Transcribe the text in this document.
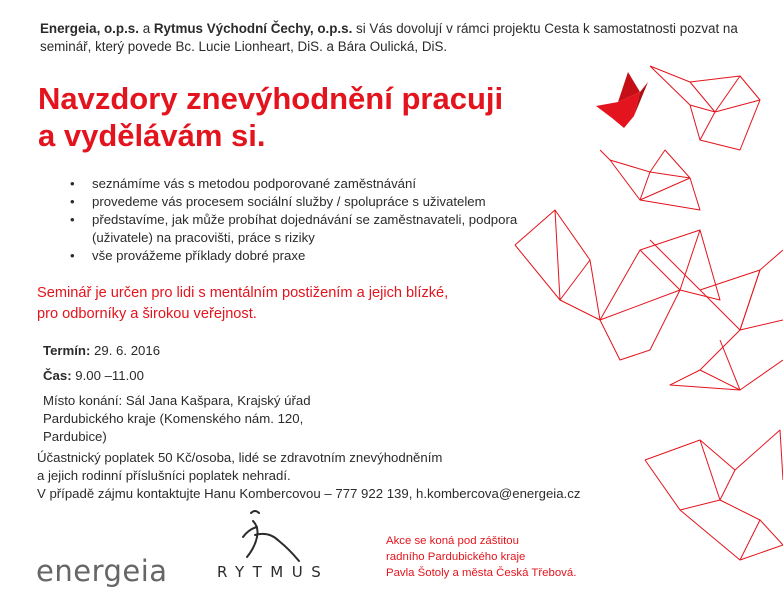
Energeia, o.p.s. a Rytmus Východní Čechy, o.p.s. si Vás dovolují v rámci projektu Cesta k samostatnosti pozvat na seminář, který povede Bc. Lucie Lionheart, DiS. a Bára Oulická, DiS.
Navzdory znevýhodnění pracuji
a vydělávám si.
• seznámíme vás s metodou podporované zaměstnávání
• provedeme vás procesem sociální služby / spolupráce s uživatelem
• představíme, jak může probíhat dojednávání se zaměstnavateli, podpora (uživatele) na pracovišti, práce s riziky
• vše provážeme příklady dobré praxe
Seminář je určen pro lidi s mentálním postižením a jejich blízké,
pro odborníky a širokou veřejnost.
Termín: 29. 6. 2016
Čas: 9.00 –11.00
Místo konání: Sál Jana Kašpara, Krajský úřad
Pardubického kraje (Komenského nám. 120,
Pardubice)
Účastnický poplatek 50 Kč/osoba, lidé se zdravotním znevýhodněním
a jejich rodinní příslušníci poplatek nehradí.
V případě zájmu kontaktujte Hanu Kombercovou – 777 922 139, h.kombercova@energeia.cz
energeia	RYTMUS
Akce se koná pod záštitou
radního Pardubického kraje
Pavla Šotoly a města Česká Třebová.
